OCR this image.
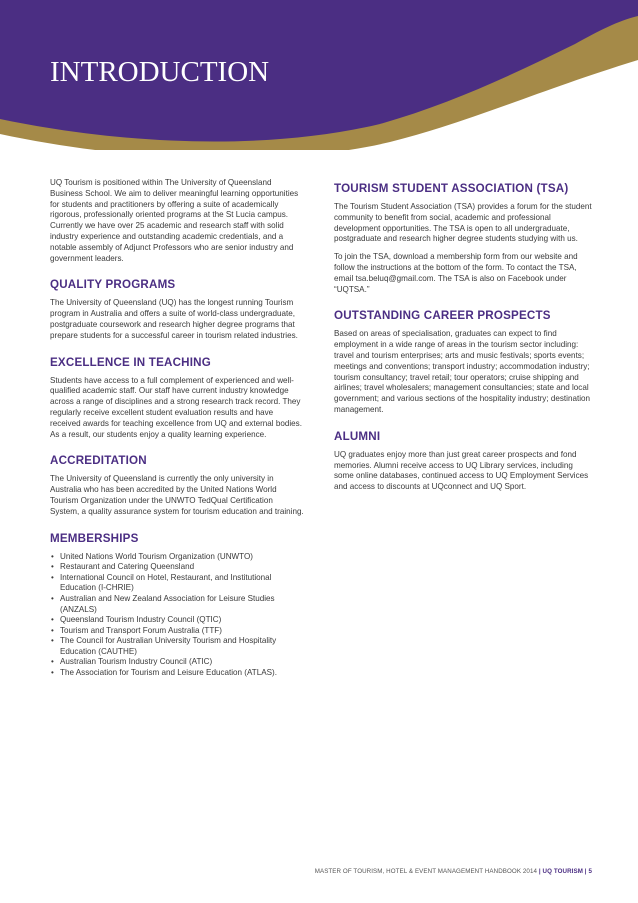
INTRODUCTION

UQ Tourism is positioned within The University of Queensland Business School. We aim to deliver meaningful learning opportunities for students and practitioners by offering a suite of academically rigorous, professionally oriented programs at the St Lucia campus. Currently we have over 25 academic and research staff with solid industry experience and outstanding academic credentials, and a notable assembly of Adjunct Professors who are senior industry and government leaders.

QUALITY PROGRAMS

The University of Queensland (UQ) has the longest running Tourism program in Australia and offers a suite of world-class undergraduate, postgraduate coursework and research higher degree programs that prepare students for a successful career in tourism related industries.

EXCELLENCE IN TEACHING

Students have access to a full complement of experienced and well-qualified academic staff. Our staff have current industry knowledge across a range of disciplines and a strong research track record. They regularly receive excellent student evaluation results and have received awards for teaching excellence from UQ and external bodies. As a result, our students enjoy a quality learning experience.

ACCREDITATION

The University of Queensland is currently the only university in Australia who has been accredited by the United Nations World Tourism Organization under the UNWTO TedQual Certification System, a quality assurance system for tourism education and training.

MEMBERSHIPS
• United Nations World Tourism Organization (UNWTO)
• Restaurant and Catering Queensland
• International Council on Hotel, Restaurant, and Institutional Education (I-CHRIE)
• Australian and New Zealand Association for Leisure Studies (ANZALS)
• Queensland Tourism Industry Council (QTIC)
• Tourism and Transport Forum Australia (TTF)
• The Council for Australian University Tourism and Hospitality Education (CAUTHE)
• Australian Tourism Industry Council (ATIC)
• The Association for Tourism and Leisure Education (ATLAS).
TOURISM STUDENT ASSOCIATION (TSA)

The Tourism Student Association (TSA) provides a forum for the student community to benefit from social, academic and professional development opportunities. The TSA is open to all undergraduate, postgraduate and research higher degree students studying with us.

To join the TSA, download a membership form from our website and follow the instructions at the bottom of the form. To contact the TSA, email tsa.beluq@gmail.com. The TSA is also on Facebook under “UQTSA.”

OUTSTANDING CAREER PROSPECTS

Based on areas of specialisation, graduates can expect to find employment in a wide range of areas in the tourism sector including: travel and tourism enterprises; arts and music festivals; sports events; meetings and conventions; transport industry; accommodation industry; tourism consultancy; travel retail; tour operators; cruise shipping and airlines; travel wholesalers; management consultancies; state and local government; and various sections of the hospitality industry; destination management.

ALUMNI

UQ graduates enjoy more than just great career prospects and fond memories. Alumni receive access to UQ Library services, including some online databases, continued access to UQ Employment Services and access to discounts at UQconnect and UQ Sport.

MASTER OF TOURISM, HOTEL & EVENT MANAGEMENT HANDBOOK 2014 | UQ TOURISM | 5
